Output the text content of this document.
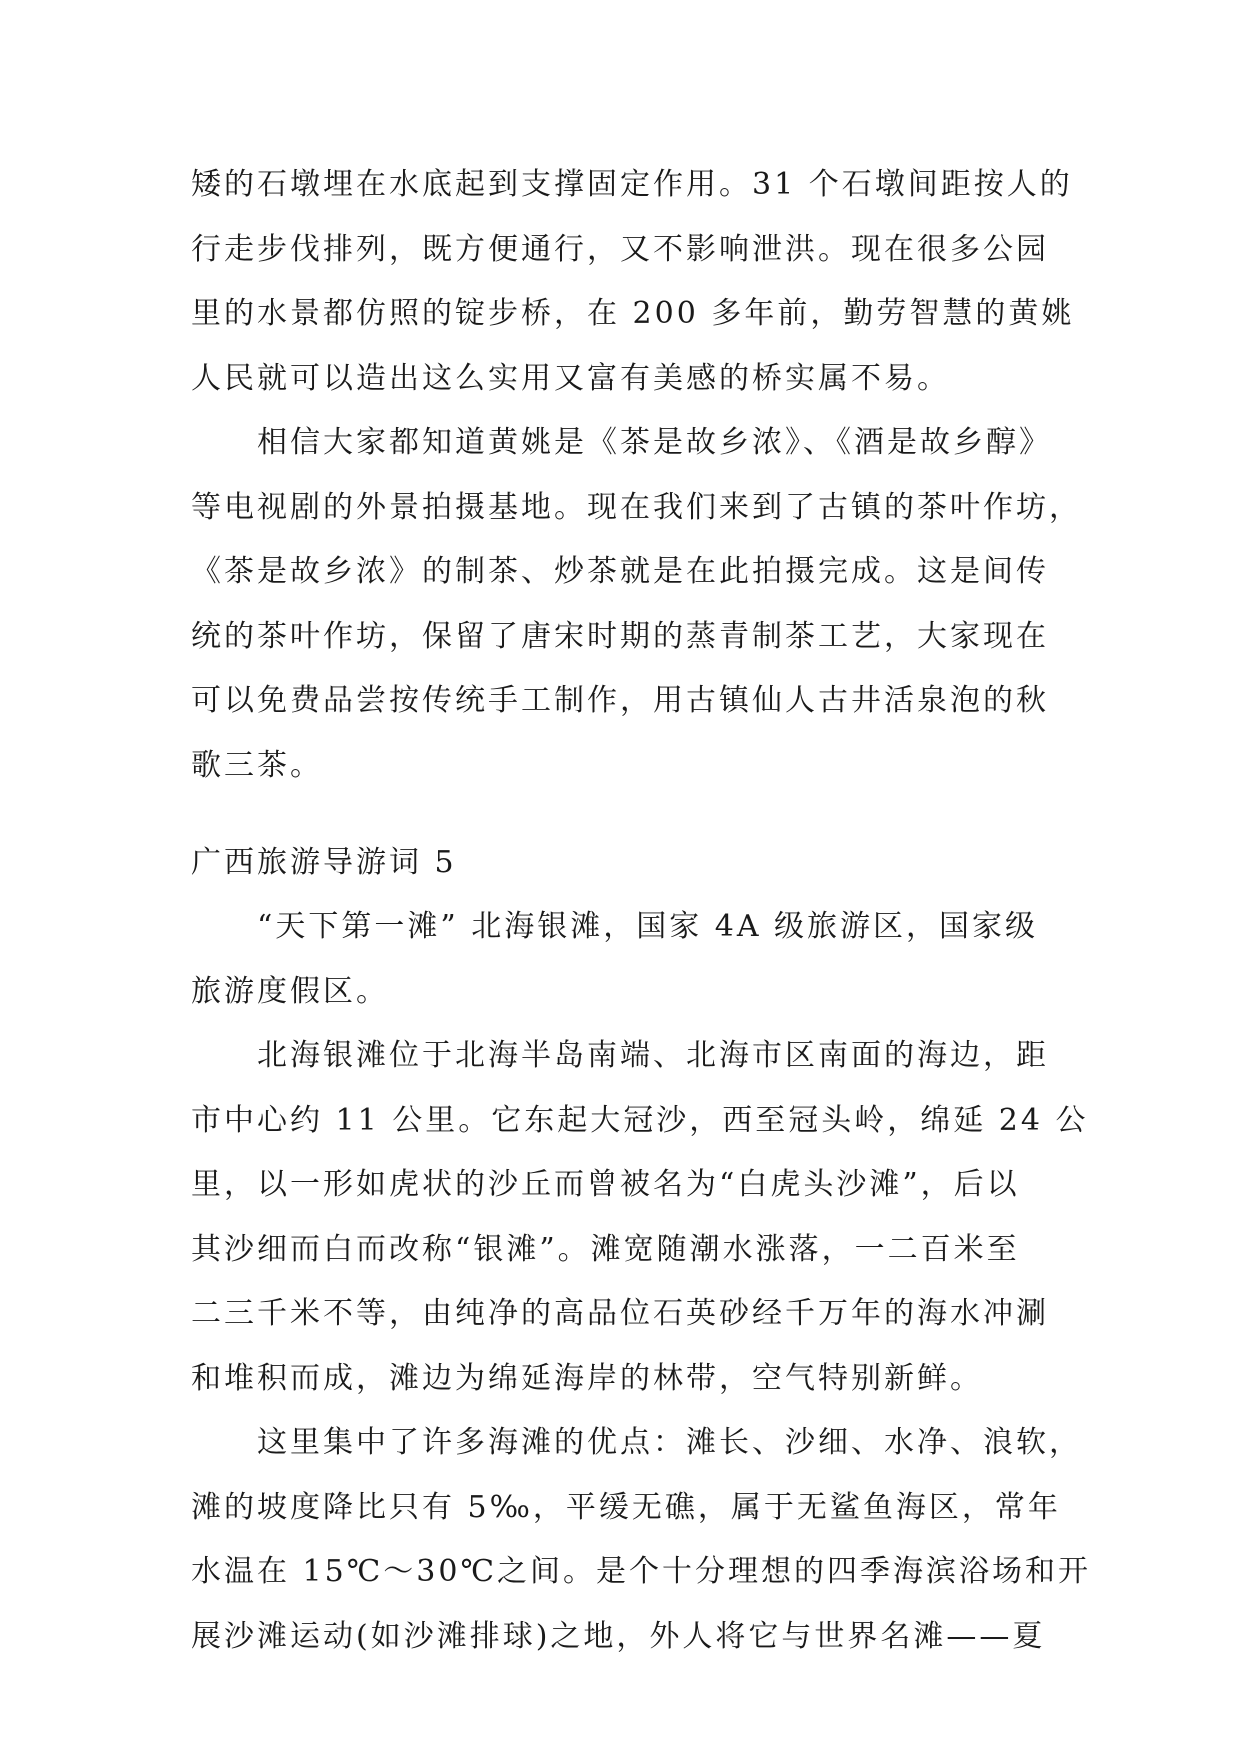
矮的石墩埋在水底起到支撑固定作用。31 个石墩间距按人的

行走步伐排列，既方便通行，又不影响泄洪。现在很多公园

里的水景都仿照的锭步桥，在 200 多年前，勤劳智慧的黄姚

人民就可以造出这么实用又富有美感的桥实属不易。

相信大家都知道黄姚是《茶是故乡浓》、《酒是故乡醇》

等电视剧的外景拍摄基地。现在我们来到了古镇的茶叶作坊，

《茶是故乡浓》的制茶、炒茶就是在此拍摄完成。这是间传

统的茶叶作坊，保留了唐宋时期的蒸青制茶工艺，大家现在

可以免费品尝按传统手工制作，用古镇仙人古井活泉泡的秋

歌三茶。

广西旅游导游词 5

“天下第一滩” 北海银滩，国家 4A 级旅游区，国家级

旅游度假区。

北海银滩位于北海半岛南端、北海市区南面的海边，距

市中心约 11 公里。它东起大冠沙，西至冠头岭，绵延 24 公

里，以一形如虎状的沙丘而曾被名为“白虎头沙滩”，后以

其沙细而白而改称“银滩”。滩宽随潮水涨落，一二百米至

二三千米不等，由纯净的高品位石英砂经千万年的海水冲涮

和堆积而成，滩边为绵延海岸的林带，空气特别新鲜。

这里集中了许多海滩的优点：滩长、沙细、水净、浪软，

滩的坡度降比只有 5‰，平缓无礁，属于无鲨鱼海区，常年

水温在 15℃～30℃之间。是个十分理想的四季海滨浴场和开

展沙滩运动(如沙滩排球)之地，外人将它与世界名滩——夏
